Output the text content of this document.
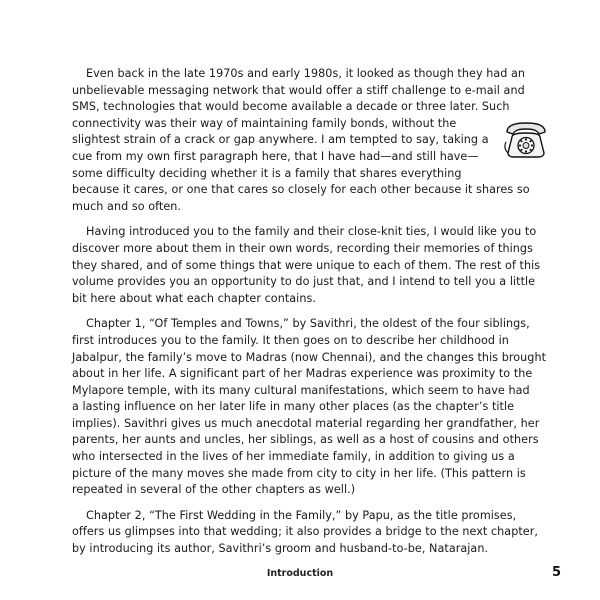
Even back in the late 1970s and early 1980s, it looked as though they had an
unbelievable messaging network that would offer a stiff challenge to e-mail and
SMS, technologies that would become available a decade or three later. Such
connectivity was their way of maintaining family bonds, without the
slightest strain of a crack or gap anywhere. I am tempted to say, taking a
cue from my own first paragraph here, that I have had—and still have—
some difficulty deciding whether it is a family that shares everything
because it cares, or one that cares so closely for each other because it shares so
much and so often.

Having introduced you to the family and their close-knit ties, I would like you to
discover more about them in their own words, recording their memories of things
they shared, and of some things that were unique to each of them. The rest of this
volume provides you an opportunity to do just that, and I intend to tell you a little
bit here about what each chapter contains.

Chapter 1, “Of Temples and Towns,” by Savithri, the oldest of the four siblings,
first introduces you to the family. It then goes on to describe her childhood in
Jabalpur, the family’s move to Madras (now Chennai), and the changes this brought
about in her life. A significant part of her Madras experience was proximity to the
Mylapore temple, with its many cultural manifestations, which seem to have had
a lasting influence on her later life in many other places (as the chapter’s title
implies). Savithri gives us much anecdotal material regarding her grandfather, her
parents, her aunts and uncles, her siblings, as well as a host of cousins and others
who intersected in the lives of her immediate family, in addition to giving us a
picture of the many moves she made from city to city in her life. (This pattern is
repeated in several of the other chapters as well.)

Chapter 2, “The First Wedding in the Family,” by Papu, as the title promises,
offers us glimpses into that wedding; it also provides a bridge to the next chapter,
by introducing its author, Savithri’s groom and husband-to-be, Natarajan.

Introduction	5
